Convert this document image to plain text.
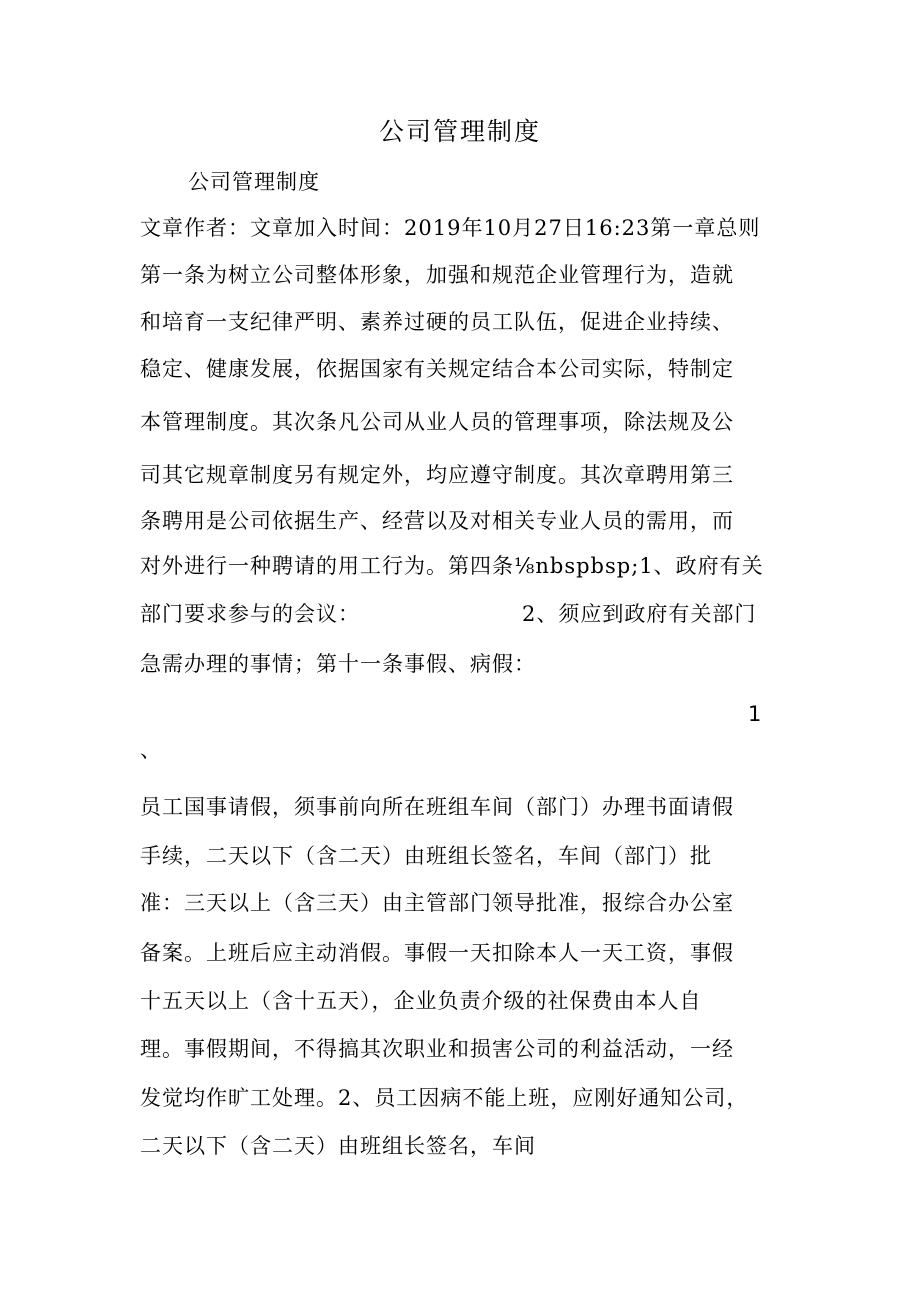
公司管理制度
公司管理制度
文章作者：文章加入时间：2019年10月27日16:23第一章总则
第一条为树立公司整体形象，加强和规范企业管理行为，造就
和培育一支纪律严明、素养过硬的员工队伍，促进企业持续、
稳定、健康发展，依据国家有关规定结合本公司实际，特制定
本管理制度。其次条凡公司从业人员的管理事项，除法规及公
司其它规章制度另有规定外，均应遵守制度。其次章聘用第三
条聘用是公司依据生产、经营以及对相关专业人员的需用，而
对外进行一种聘请的用工行为。第四条⅛nbspbsp;1、政府有关
部门要求参与的会议：	2、须应到政府有关部门
急需办理的事情；第十一条事假、病假：
1
、
员工国事请假，须事前向所在班组车间（部门）办理书面请假
手续，二天以下（含二天）由班组长签名，车间（部门）批
准：三天以上（含三天）由主管部门领导批准，报综合办公室
备案。上班后应主动消假。事假一天扣除本人一天工资，事假
十五天以上（含十五天），企业负责介级的社保费由本人自
理。事假期间，不得搞其次职业和损害公司的利益活动，一经
发觉均作旷工处理。2、员工因病不能上班，应刚好通知公司，
二天以下（含二天）由班组长签名，车间
